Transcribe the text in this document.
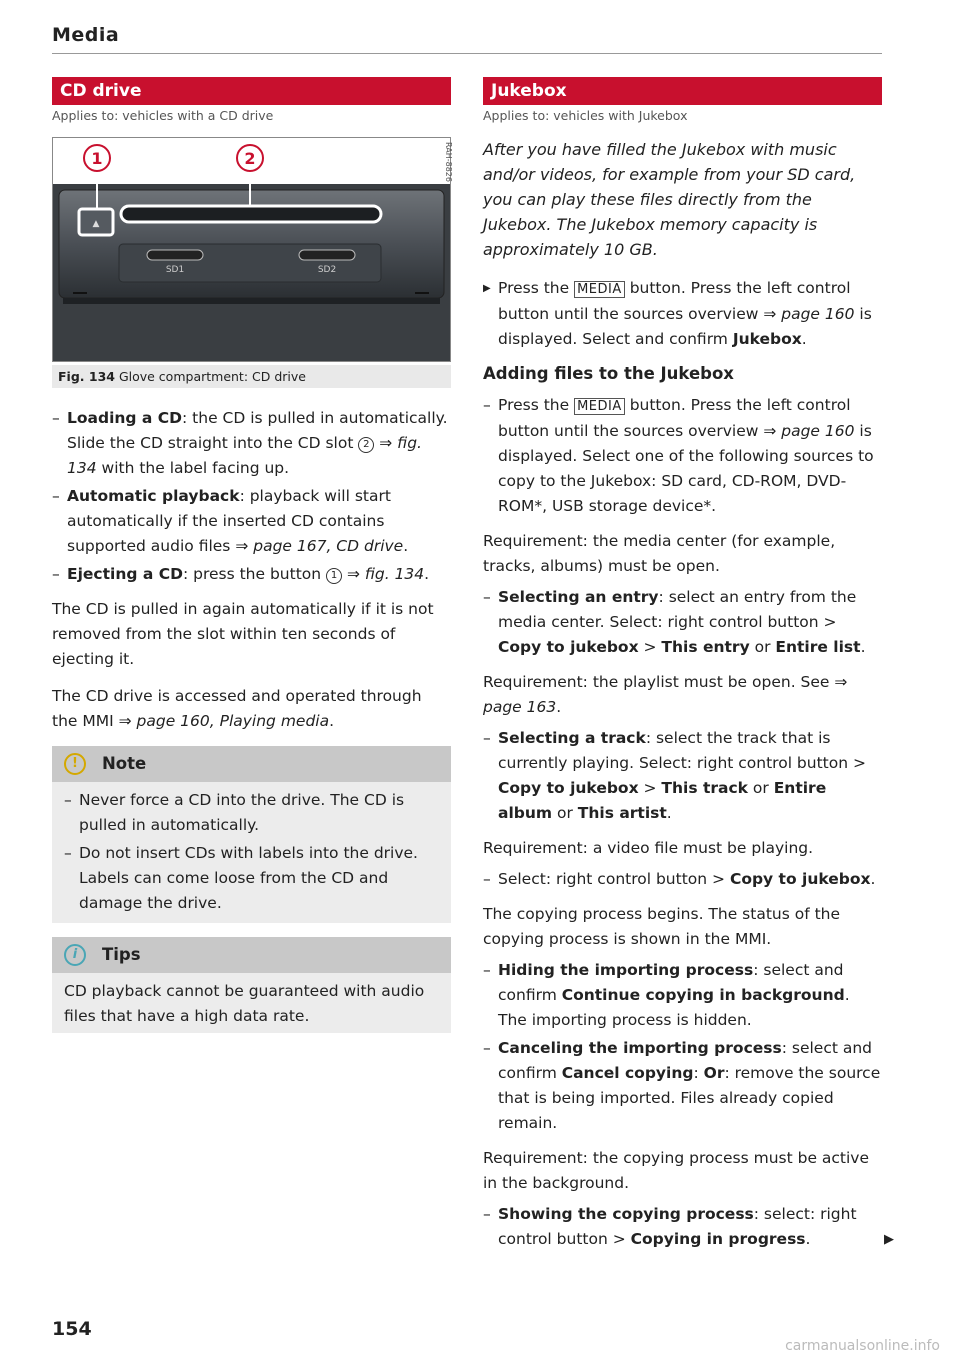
Media
CD drive
Applies to: vehicles with a CD drive
▲
SD1	SD2
1	2	RAH-8826
Fig. 134 Glove compartment: CD drive
– Loading a CD: the CD is pulled in automatically. Slide the CD straight into the CD slot 2 ⇒ fig. 134 with the label facing up.
– Automatic playback: playback will start automatically if the inserted CD contains supported audio files ⇒ page 167, CD drive.
– Ejecting a CD: press the button 1 ⇒ fig. 134.

The CD is pulled in again automatically if it is not removed from the slot within ten seconds of ejecting it.

The CD drive is accessed and operated through the MMI ⇒ page 160, Playing media.

!	Note
– Never force a CD into the drive. The CD is pulled in automatically.
– Do not insert CDs with labels into the drive. Labels can come loose from the CD and damage the drive.
i	Tips

CD playback cannot be guaranteed with audio files that have a high data rate.

Jukebox
Applies to: vehicles with Jukebox

After you have filled the Jukebox with music and/or videos, for example from your SD card, you can play these files directly from the Jukebox. The Jukebox memory capacity is approximately 10 GB.

▶ Press the MEDIA button. Press the left control button until the sources overview ⇒ page 160 is displayed. Select and confirm Jukebox.

Adding files to the Jukebox
– Press the MEDIA button. Press the left control button until the sources overview ⇒ page 160 is displayed. Select one of the following sources to copy to the Jukebox: SD card, CD-ROM, DVD-ROM*, USB storage device*.

Requirement: the media center (for example, tracks, albums) must be open.

– Selecting an entry: select an entry from the media center. Select: right control button > Copy to jukebox > This entry or Entire list.

Requirement: the playlist must be open. See ⇒ page 163.

– Selecting a track: select the track that is currently playing. Select: right control button > Copy to jukebox > This track or Entire album or This artist.

Requirement: a video file must be playing.

– Select: right control button > Copy to jukebox.

The copying process begins. The status of the copying process is shown in the MMI.

– Hiding the importing process: select and confirm Continue copying in background. The importing process is hidden.
– Canceling the importing process: select and confirm Cancel copying: Or: remove the source that is being imported. Files already copied remain.

Requirement: the copying process must be active in the background.

– Showing the copying process: select: right control button > Copying in progress.	▶
154
carmanualsonline.info
